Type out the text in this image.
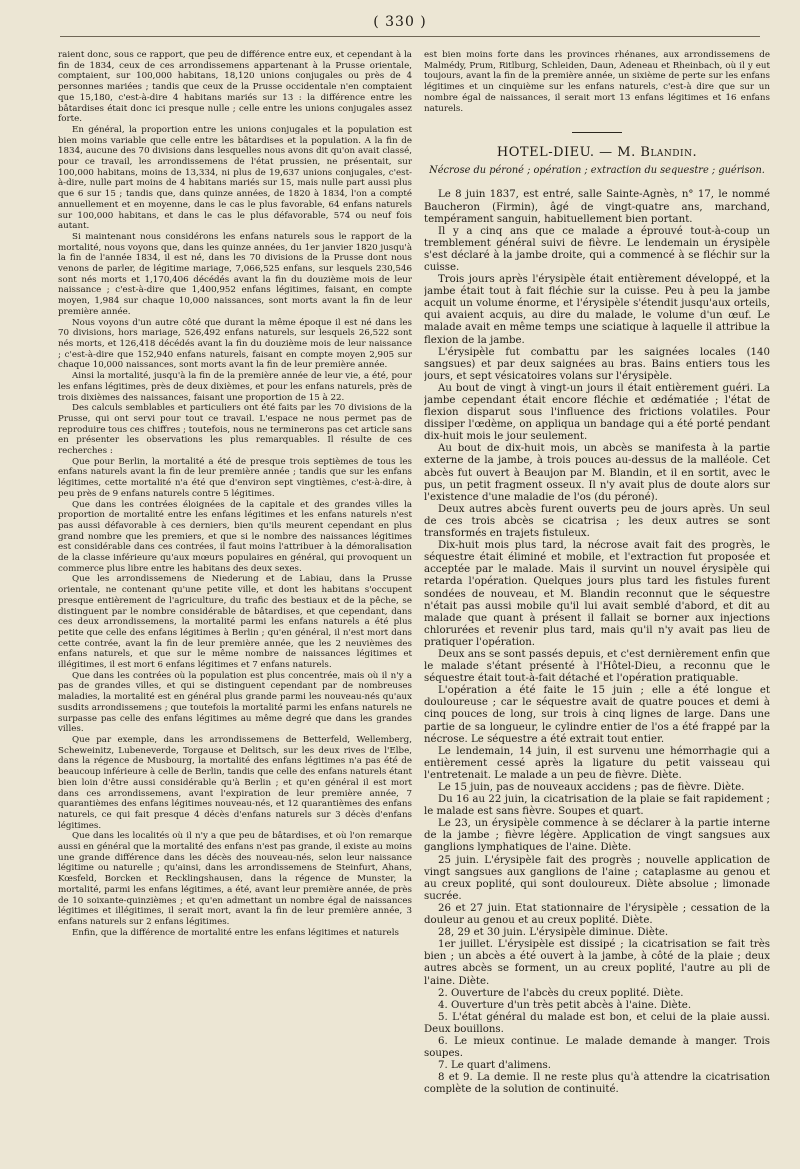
( 330 )

raient donc, sous ce rapport, que peu de différence entre eux, et cependant à la fin de 1834, ceux de ces arrondissemens appartenant à la Prusse orientale, comptaient, sur 100,000 habitans, 18,120 unions conjugales ou près de 4 personnes mariées ; tandis que ceux de la Prusse occidentale n'en comptaient que 15,180, c'est-à-dire 4 habitans mariés sur 13 : la différence entre les bâtardises était donc ici presque nulle ; celle entre les unions conjugales assez forte.

En général, la proportion entre les unions conjugales et la population est bien moins variable que celle entre les bâtardises et la population. A la fin de 1834, aucune des 70 divisions dans lesquelles nous avons dit qu'on avait classé, pour ce travail, les arrondissemens de l'état prussien, ne présentait, sur 100,000 habitans, moins de 13,334, ni plus de 19,637 unions conjugales, c'est-à-dire, nulle part moins de 4 habitans mariés sur 15, mais nulle part aussi plus que 6 sur 15 ; tandis que, dans quinze années, de 1820 à 1834, l'on a compté annuellement et en moyenne, dans le cas le plus favorable, 64 enfans naturels sur 100,000 habitans, et dans le cas le plus défavorable, 574 ou neuf fois autant.

Si maintenant nous considérons les enfans naturels sous le rapport de la mortalité, nous voyons que, dans les quinze années, du 1er janvier 1820 jusqu'à la fin de l'année 1834, il est né, dans les 70 divisions de la Prusse dont nous venons de parler, de légitime mariage, 7,066,525 enfans, sur lesquels 230,546 sont nés morts et 1,170,406 décédés avant la fin du douzième mois de leur naissance ; c'est-à-dire que 1,400,952 enfans légitimes, faisant, en compte moyen, 1,984 sur chaque 10,000 naissances, sont morts avant la fin de leur première année.

Nous voyons d'un autre côté que durant la même époque il est né dans les 70 divisions, hors mariage, 526,492 enfans naturels, sur lesquels 26,522 sont nés morts, et 126,418 décédés avant la fin du douzième mois de leur naissance ; c'est-à-dire que 152,940 enfans naturels, faisant en compte moyen 2,905 sur chaque 10,000 naissances, sont morts avant la fin de leur première année.

Ainsi la mortalité, jusqu'à la fin de la première année de leur vie, a été, pour les enfans légitimes, près de deux dixièmes, et pour les enfans naturels, près de trois dixièmes des naissances, faisant une proportion de 15 à 22.

Des calculs semblables et particuliers ont été faits par les 70 divisions de la Prusse, qui ont servi pour tout ce travail. L'espace ne nous permet pas de reproduire tous ces chiffres ; toutefois, nous ne terminerons pas cet article sans en présenter les observations les plus remarquables. Il résulte de ces recherches :

Que pour Berlin, la mortalité a été de presque trois septièmes de tous les enfans naturels avant la fin de leur première année ; tandis que sur les enfans légitimes, cette mortalité n'a été que d'environ sept vingtièmes, c'est-à-dire, à peu près de 9 enfans naturels contre 5 légitimes.

Que dans les contrées éloignées de la capitale et des grandes villes la proportion de mortalité entre les enfans légitimes et les enfans naturels n'est pas aussi défavorable à ces derniers, bien qu'ils meurent cependant en plus grand nombre que les premiers, et que si le nombre des naissances légitimes est considérable dans ces contrées, il faut moins l'attribuer à la démoralisation de la classe inférieure qu'aux mœurs populaires en général, qui provoquent un commerce plus libre entre les habitans des deux sexes.

Que les arrondissemens de Niederung et de Labiau, dans la Prusse orientale, ne contenant qu'une petite ville, et dont les habitans s'occupent presque entièrement de l'agriculture, du trafic des bestiaux et de la pêche, se distinguent par le nombre considérable de bâtardises, et que cependant, dans ces deux arrondissemens, la mortalité parmi les enfans naturels a été plus petite que celle des enfans légitimes à Berlin ; qu'en général, il n'est mort dans cette contrée, avant la fin de leur première année, que les 2 neuvièmes des enfans naturels, et que sur le même nombre de naissances légitimes et illégitimes, il est mort 6 enfans légitimes et 7 enfans naturels.

Que dans les contrées où la population est plus concentrée, mais où il n'y a pas de grandes villes, et qui se distinguent cependant par de nombreuses maladies, la mortalité est en général plus grande parmi les nouveau-nés qu'aux susdits arrondissemens ; que toutefois la mortalité parmi les enfans naturels ne surpasse pas celle des enfans légitimes au même degré que dans les grandes villes.

Que par exemple, dans les arrondissemens de Betterfeld, Wellemberg, Scheweinitz, Lubeneverde, Torgause et Delitsch, sur les deux rives de l'Elbe, dans la régence de Musbourg, la mortalité des enfans légitimes n'a pas été de beaucoup inférieure à celle de Berlin, tandis que celle des enfans naturels étant bien loin d'être aussi considérable qu'à Berlin ; et qu'en général il est mort dans ces arrondissemens, avant l'expiration de leur première année, 7 quarantièmes des enfans légitimes nouveau-nés, et 12 quarantièmes des enfans naturels, ce qui fait presque 4 décès d'enfans naturels sur 3 décès d'enfans légitimes.

Que dans les localités où il n'y a que peu de bâtardises, et où l'on remarque aussi en général que la mortalité des enfans n'est pas grande, il existe au moins une grande différence dans les décès des nouveau-nés, selon leur naissance légitime ou naturelle ; qu'ainsi, dans les arrondissemens de Steinfurt, Ahans, Kœsfeld, Borcken et Recklingshausen, dans la régence de Munster, la mortalité, parmi les enfans légitimes, a été, avant leur première année, de près de 10 soixante-quinzièmes ; et qu'en admettant un nombre égal de naissances légitimes et illégitimes, il serait mort, avant la fin de leur première année, 3 enfans naturels sur 2 enfans légitimes.

Enfin, que la différence de mortalité entre les enfans légitimes et naturels

est bien moins forte dans les provinces rhénanes, aux arrondissemens de Malmédy, Prum, Ritlburg, Schleiden, Daun, Adeneau et Rheinbach, où il y eut toujours, avant la fin de la première année, un sixième de perte sur les enfans légitimes et un cinquième sur les enfans naturels, c'est-à dire que sur un nombre égal de naissances, il serait mort 13 enfans légitimes et 16 enfans naturels.

HOTEL-DIEU. — M. Blandin.
Nécrose du péroné ; opération ; extraction du sequestre ; guérison.

Le 8 juin 1837, est entré, salle Sainte-Agnès, n° 17, le nommé Baucheron (Firmin), âgé de vingt-quatre ans, marchand, tempérament sanguin, habituellement bien portant.

Il y a cinq ans que ce malade a éprouvé tout-à-coup un tremblement général suivi de fièvre. Le lendemain un érysipèle s'est déclaré à la jambe droite, qui a commencé à se fléchir sur la cuisse.

Trois jours après l'érysipèle était entièrement développé, et la jambe était tout à fait fléchie sur la cuisse. Peu à peu la jambe acquit un volume énorme, et l'érysipèle s'étendit jusqu'aux orteils, qui avaient acquis, au dire du malade, le volume d'un œuf. Le malade avait en même temps une sciatique à laquelle il attribue la flexion de la jambe.

L'érysipèle fut combattu par les saignées locales (140 sangsues) et par deux saignées au bras. Bains entiers tous les jours, et sept vésicatoires volans sur l'érysipèle.

Au bout de vingt à vingt-un jours il était entièrement guéri. La jambe cependant était encore fléchie et œdématiée ; l'état de flexion disparut sous l'influence des frictions volatiles. Pour dissiper l'œdème, on appliqua un bandage qui a été porté pendant dix-huit mois le jour seulement.

Au bout de dix-huit mois, un abcès se manifesta à la partie externe de la jambe, à trois pouces au-dessus de la malléole. Cet abcès fut ouvert à Beaujon par M. Blandin, et il en sortit, avec le pus, un petit fragment osseux. Il n'y avait plus de doute alors sur l'existence d'une maladie de l'os (du péroné).

Deux autres abcès furent ouverts peu de jours après. Un seul de ces trois abcès se cicatrisa ; les deux autres se sont transformés en trajets fistuleux.

Dix-huit mois plus tard, la nécrose avait fait des progrès, le séquestre était éliminé et mobile, et l'extraction fut proposée et acceptée par le malade. Mais il survint un nouvel érysipèle qui retarda l'opération. Quelques jours plus tard les fistules furent sondées de nouveau, et M. Blandin reconnut que le séquestre n'était pas aussi mobile qu'il lui avait semblé d'abord, et dit au malade que quant à présent il fallait se borner aux injections chlorurées et revenir plus tard, mais qu'il n'y avait pas lieu de pratiquer l'opération.

Deux ans se sont passés depuis, et c'est dernièrement enfin que le malade s'étant présenté à l'Hôtel-Dieu, a reconnu que le séquestre était tout-à-fait détaché et l'opération pratiquable.

L'opération a été faite le 15 juin ; elle a été longue et douloureuse ; car le séquestre avait de quatre pouces et demi à cinq pouces de long, sur trois à cinq lignes de large. Dans une partie de sa longueur, le cylindre entier de l'os a été frappé par la nécrose. Le séquestre a été extrait tout entier.

Le lendemain, 14 juin, il est survenu une hémorrhagie qui a entièrement cessé après la ligature du petit vaisseau qui l'entretenait. Le malade a un peu de fièvre. Diète.

Le 15 juin, pas de nouveaux accidens ; pas de fièvre. Diète.

Du 16 au 22 juin, la cicatrisation de la plaie se fait rapidement ; le malade est sans fièvre. Soupes et quart.

Le 23, un érysipèle commence à se déclarer à la partie interne de la jambe ; fièvre légère. Application de vingt sangsues aux ganglions lymphatiques de l'aine. Diète.

25 juin. L'érysipèle fait des progrès ; nouvelle application de vingt sangsues aux ganglions de l'aine ; cataplasme au genou et au creux poplité, qui sont douloureux. Diète absolue ; limonade sucrée.

26 et 27 juin. Etat stationnaire de l'érysipèle ; cessation de la douleur au genou et au creux poplité. Diète.

28, 29 et 30 juin. L'érysipèle diminue. Diète.

1er juillet. L'érysipèle est dissipé ; la cicatrisation se fait très bien ; un abcès a été ouvert à la jambe, à côté de la plaie ; deux autres abcès se forment, un au creux poplité, l'autre au pli de l'aine. Diète.

2. Ouverture de l'abcès du creux poplité. Diète.

4. Ouverture d'un très petit abcès à l'aine. Diète.

5. L'état général du malade est bon, et celui de la plaie aussi. Deux bouillons.

6. Le mieux continue. Le malade demande à manger. Trois soupes.

7. Le quart d'alimens.

8 et 9. La demie. Il ne reste plus qu'à attendre la cicatrisation complète de la solution de continuité.
